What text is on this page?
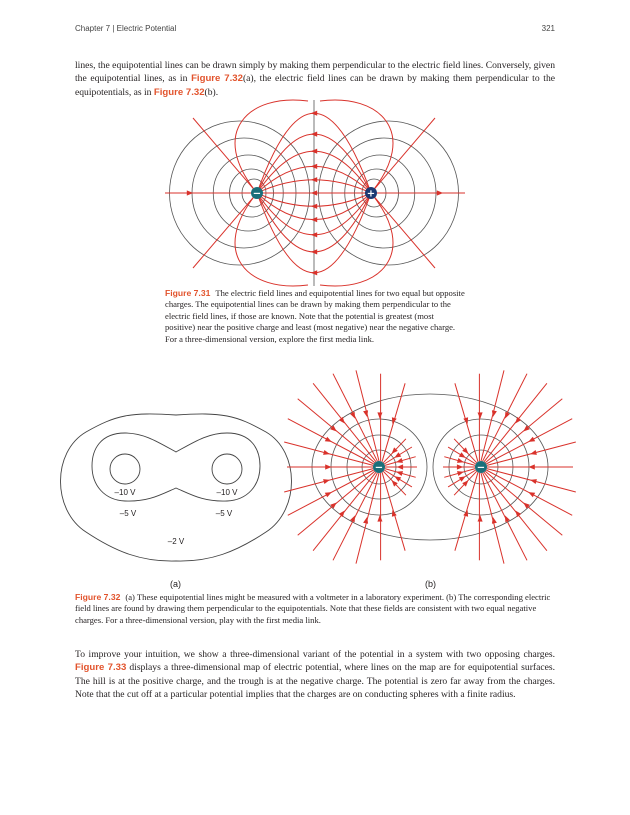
Chapter 7 | Electric Potential	321

lines, the equipotential lines can be drawn simply by making them perpendicular to the electric field lines. Conversely, given the equipotential lines, as in Figure 7.32(a), the electric field lines can be drawn by making them perpendicular to the equipotentials, as in Figure 7.32(b).

−	+

Figure 7.31 The electric field lines and equipotential lines for two equal but opposite charges. The equipotential lines can be drawn by making them perpendicular to the electric field lines, if those are known. Note that the potential is greatest (most positive) near the positive charge and least (most negative) near the negative charge. For a three-dimensional version, explore the first media link.

–10 V	–10 V
–5 V	–5 V
–2 V
−	−
(a)	(b)

Figure 7.32 (a) These equipotential lines might be measured with a voltmeter in a laboratory experiment. (b) The corresponding electric field lines are found by drawing them perpendicular to the equipotentials. Note that these fields are consistent with two equal negative charges. For a three-dimensional version, play with the first media link.

To improve your intuition, we show a three-dimensional variant of the potential in a system with two opposing charges. Figure 7.33 displays a three-dimensional map of electric potential, where lines on the map are for equipotential surfaces. The hill is at the positive charge, and the trough is at the negative charge. The potential is zero far away from the charges. Note that the cut off at a particular potential implies that the charges are on conducting spheres with a finite radius.
